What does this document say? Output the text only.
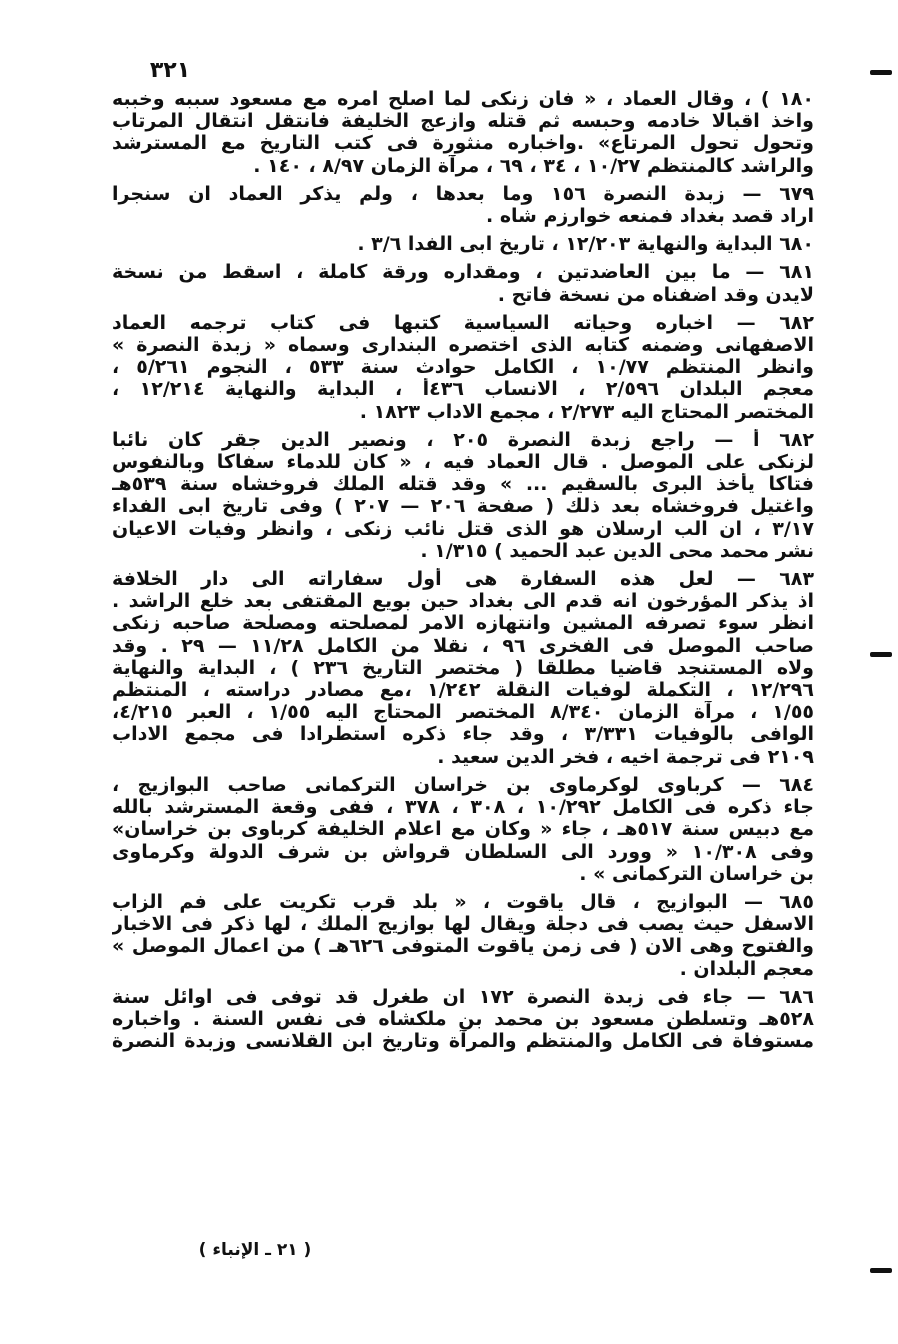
٣٢١
١٨٠ ) ، وقال العماد ، « فان زنكى لما اصلح امره مع مسعود سببه وخببه
واخذ اقبالا خادمه وحبسه ثم قتله وازعج الخليفة فانتقل انتقال المرتاب
وتحول تحول المرتاع» .واخباره منثورة فى كتب التاريخ مع المسترشد
والراشد كالمنتظم ١٠/٢٧ ، ٣٤ ، ٦٩ ، مرآة الزمان ٨/٩٧ ، ١٤٠ .
٦٧٩ — زبدة النصرة ١٥٦ وما بعدها ، ولم يذكر العماد ان سنجرا
اراد قصد بغداد فمنعه خوارزم شاه .
٦٨٠ البداية والنهاية ١٢/٢٠٣ ، تاريخ ابى الفدا ٣/٦ .
٦٨١ — ما بين العاضدتين ، ومقداره ورقة كاملة ، اسقط من نسخة
لايدن وقد اضفناه من نسخة فاتح .
٦٨٢ — اخباره وحياته السياسية كتبها فى كتاب ترجمه العماد
الاصفهانى وضمنه كتابه الذى اختصره البندارى وسماه « زبدة النصرة »
وانظر المنتظم ١٠/٧٧ ، الكامل حوادث سنة ٥٣٣ ، النجوم ٥/٢٦١ ،
معجم البلدان ٢/٥٩٦ ، الانساب ٤٣٦أ ، البداية والنهاية ١٢/٢١٤ ،
المختصر المحتاج اليه ٢/٢٧٣ ، مجمع الاداب ١٨٢٣ .
٦٨٢ أ — راجع زبدة النصرة ٢٠٥ ، ونصير الدين جقر كان نائبا
لزنكى على الموصل . قال العماد فيه ، « كان للدماء سفاكا وبالنفوس
فتاكا يأخذ البرى بالسقيم ... » وقد قتله الملك فروخشاه سنة ٥٣٩هـ
واغتيل فروخشاه بعد ذلك ( صفحة ٢٠٦ — ٢٠٧ ) وفى تاريخ ابى الفداء
٣/١٧ ، ان الب ارسلان هو الذى قتل نائب زنكى ، وانظر وفيات الاعيان
نشر محمد محى الدين عبد الحميد ) ١/٣١٥ .
٦٨٣ — لعل هذه السفارة هى أول سفاراته الى دار الخلافة
اذ يذكر المؤرخون انه قدم الى بغداد حين بويع المقتفى بعد خلع الراشد .
انظر سوء تصرفه المشين وانتهازه الامر لمصلحته ومصلحة صاحبه زنكى
صاحب الموصل فى الفخرى ٩٦ ، نقلا من الكامل ١١/٢٨ — ٢٩ . وقد
ولاه المستنجد قاضيا مطلقا ( مختصر التاريخ ٢٣٦ ) ، البداية والنهاية
١٢/٢٩٦ ، التكملة لوفيات النقلة ١/٢٤٢ ،مع مصادر دراسته ، المنتظم
١/٥٥ ، مرآة الزمان ٨/٣٤٠ المختصر المحتاج اليه ١/٥٥ ، العبر ٤/٢١٥،
الوافى بالوفيات ٣/٣٣١ ، وقد جاء ذكره استطرادا فى مجمع الاداب
٢١٠٩ فى ترجمة اخيه ، فخر الدين سعيد .
٦٨٤ — كرباوى لوكرماوى بن خراسان التركمانى صاحب البوازيج ،
جاء ذكره فى الكامل ١٠/٢٩٢ ، ٣٠٨ ، ٣٧٨ ، ففى وقعة المسترشد بالله
مع دبيس سنة ٥١٧هـ ، جاء « وكان مع اعلام الخليفة كرباوى بن خراسان»
وفى ١٠/٣٠٨ « وورد الى السلطان قرواش بن شرف الدولة وكرماوى
بن خراسان التركمانى » .
٦٨٥ — البوازيج ، قال ياقوت ، « بلد قرب تكريت على فم الزاب
الاسفل حيث يصب فى دجلة ويقال لها بوازيج الملك ، لها ذكر فى الاخبار
والفتوح وهى الان ( فى زمن ياقوت المتوفى ٦٢٦هـ ) من اعمال الموصل »
معجم البلدان .
٦٨٦ — جاء فى زبدة النصرة ١٧٢ ان طغرل قد توفى فى اوائل سنة
٥٢٨هـ وتسلطن مسعود بن محمد بن ملكشاه فى نفس السنة . واخباره
مستوفاة فى الكامل والمنتظم والمرآة وتاريخ ابن القلانسى وزبدة النصرة
( ٢١ ـ الإنباء )
